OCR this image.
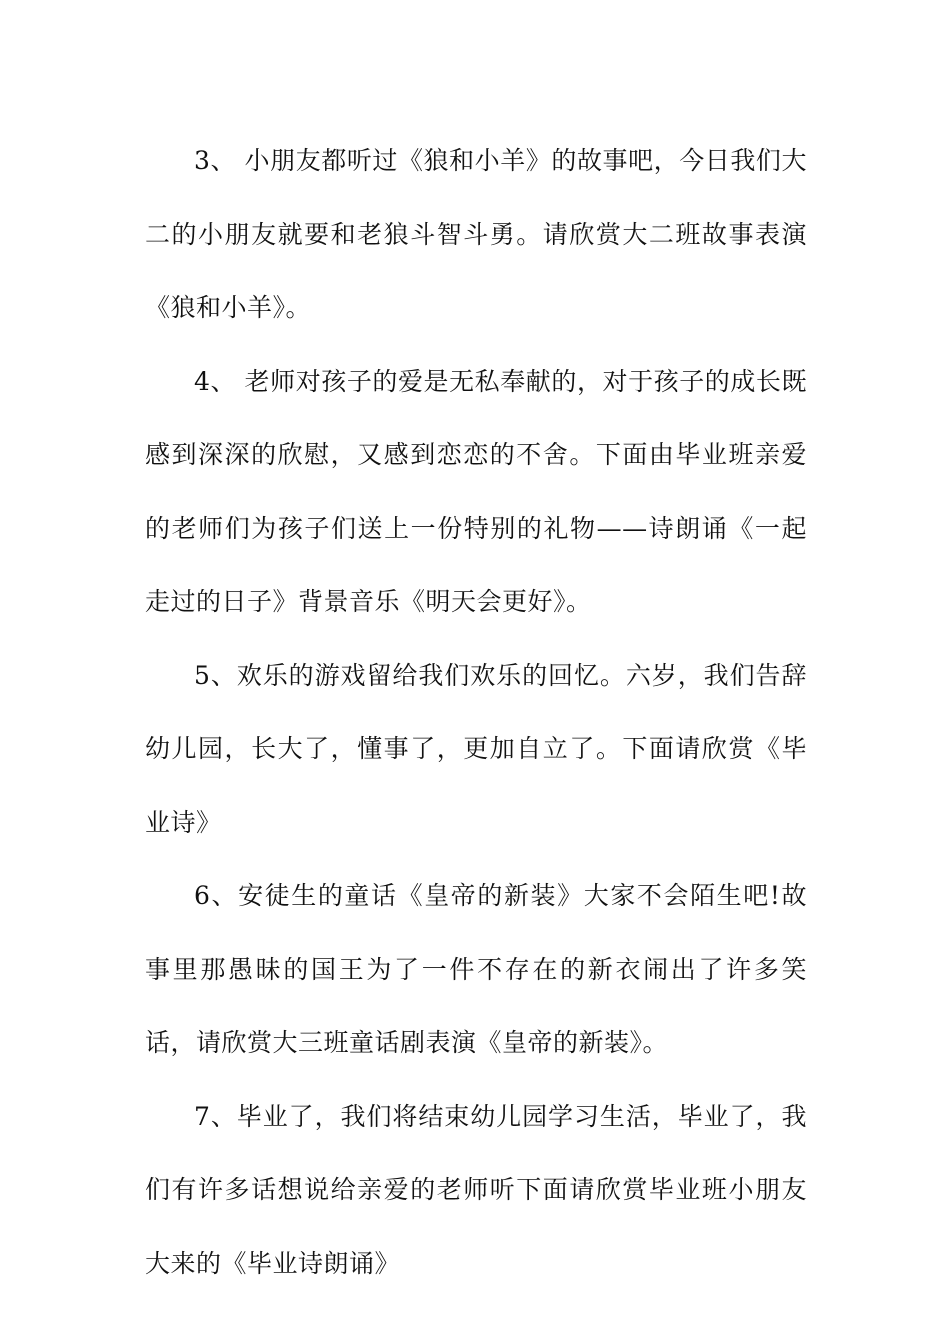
3、 小朋友都听过《狼和小羊》的故事吧，今日我们大二的小朋友就要和老狼斗智斗勇。请欣赏大二班故事表演《狼和小羊》。

4、 老师对孩子的爱是无私奉献的，对于孩子的成长既感到深深的欣慰，又感到恋恋的不舍。下面由毕业班亲爱的老师们为孩子们送上一份特别的礼物——诗朗诵《一起走过的日子》背景音乐《明天会更好》。

5、欢乐的游戏留给我们欢乐的回忆。六岁，我们告辞幼儿园，长大了，懂事了，更加自立了。下面请欣赏《毕业诗》

6、安徒生的童话《皇帝的新装》大家不会陌生吧!故事里那愚昧的国王为了一件不存在的新衣闹出了许多笑话，请欣赏大三班童话剧表演《皇帝的新装》。

7、毕业了，我们将结束幼儿园学习生活，毕业了，我们有许多话想说给亲爱的老师听下面请欣赏毕业班小朋友大来的《毕业诗朗诵》
